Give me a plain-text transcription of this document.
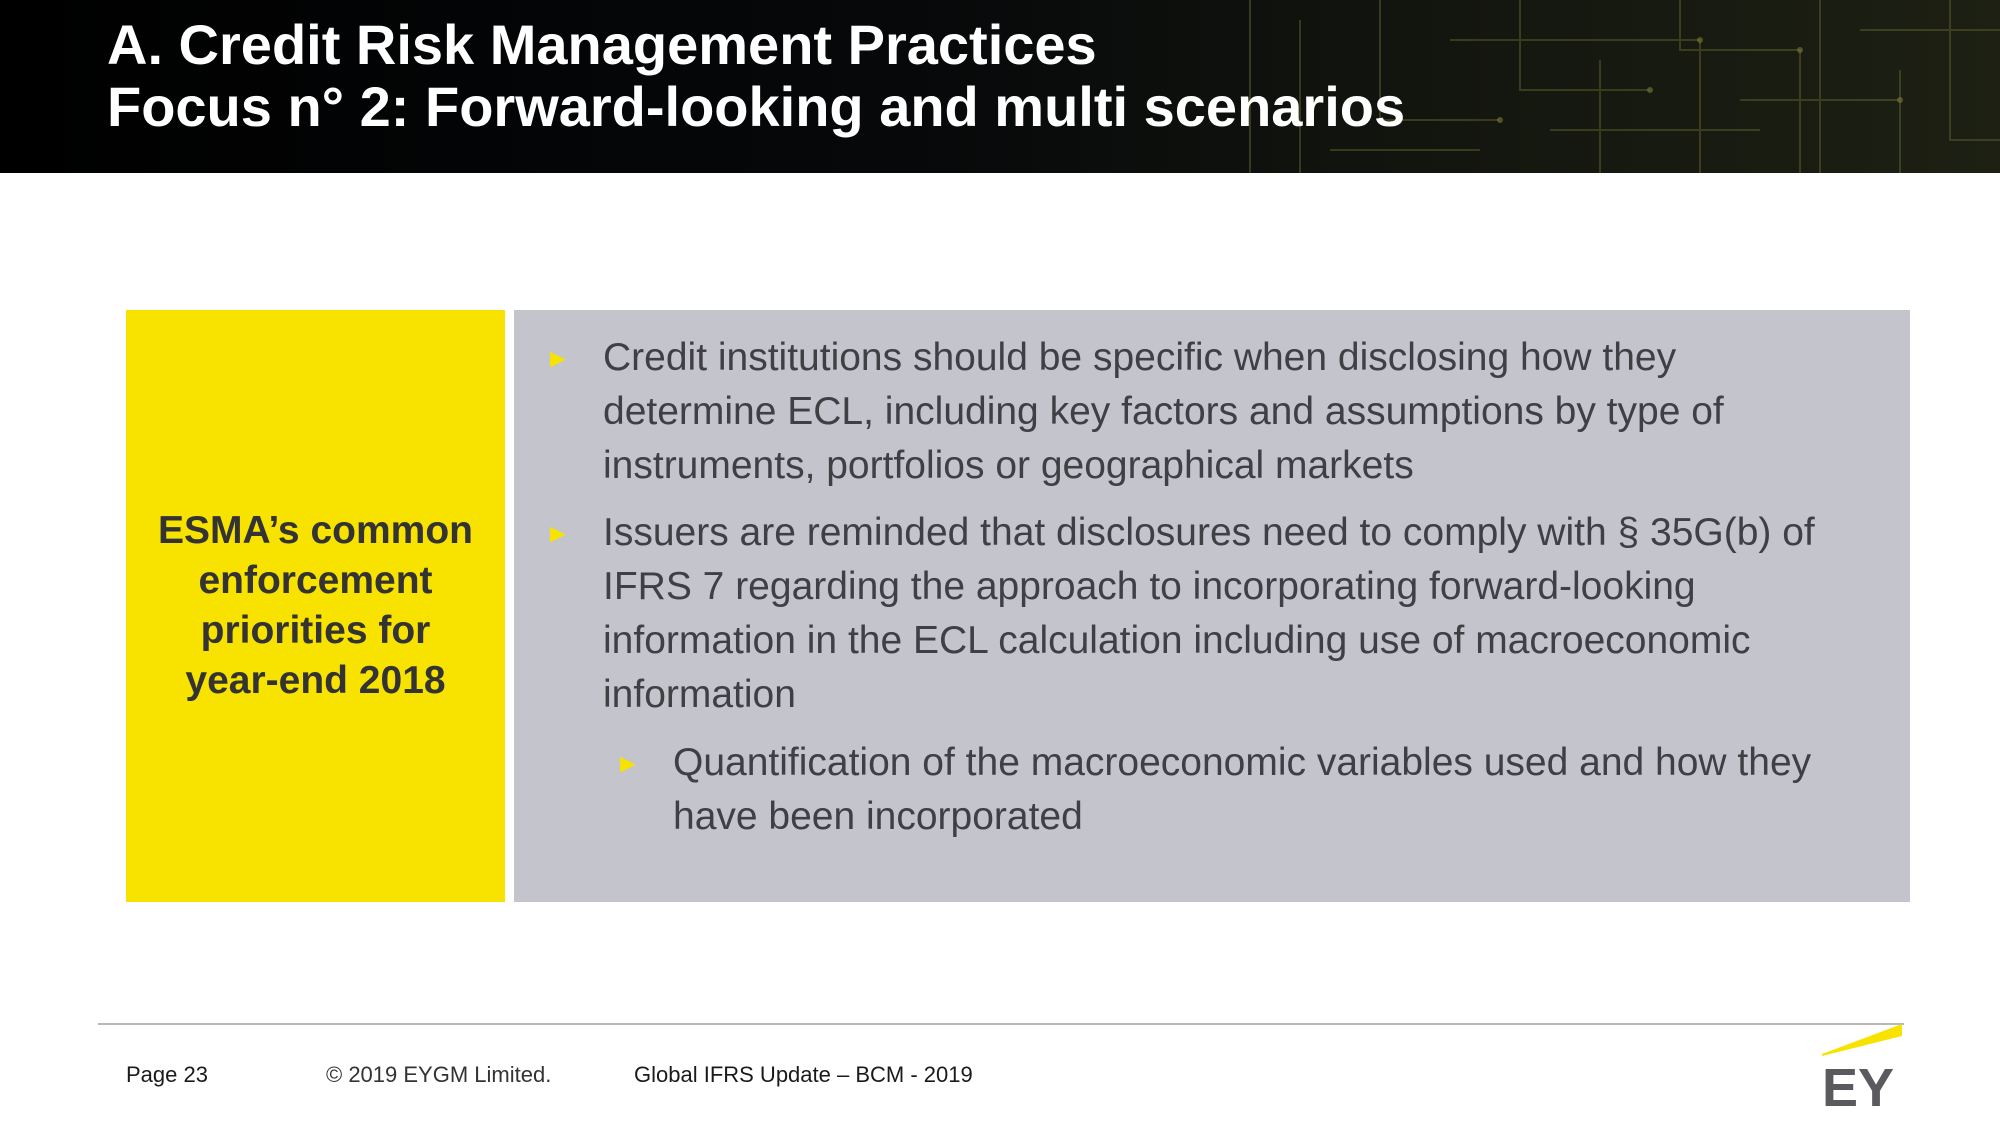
A. Credit Risk Management Practices
Focus n° 2: Forward-looking and multi scenarios
ESMA’s common
enforcement
priorities for
year-end 2018
► Credit institutions should be specific when disclosing how they
determine ECL, including key factors and assumptions by type of
instruments, portfolios or geographical markets
► Issuers are reminded that disclosures need to comply with § 35G(b) of
IFRS 7 regarding the approach to incorporating forward-looking
information in the ECL calculation including use of macroeconomic
information
► Quantification of the macroeconomic variables used and how they
have been incorporated
Page 23	© 2019 EYGM Limited.	Global IFRS Update – BCM - 2019	EY
